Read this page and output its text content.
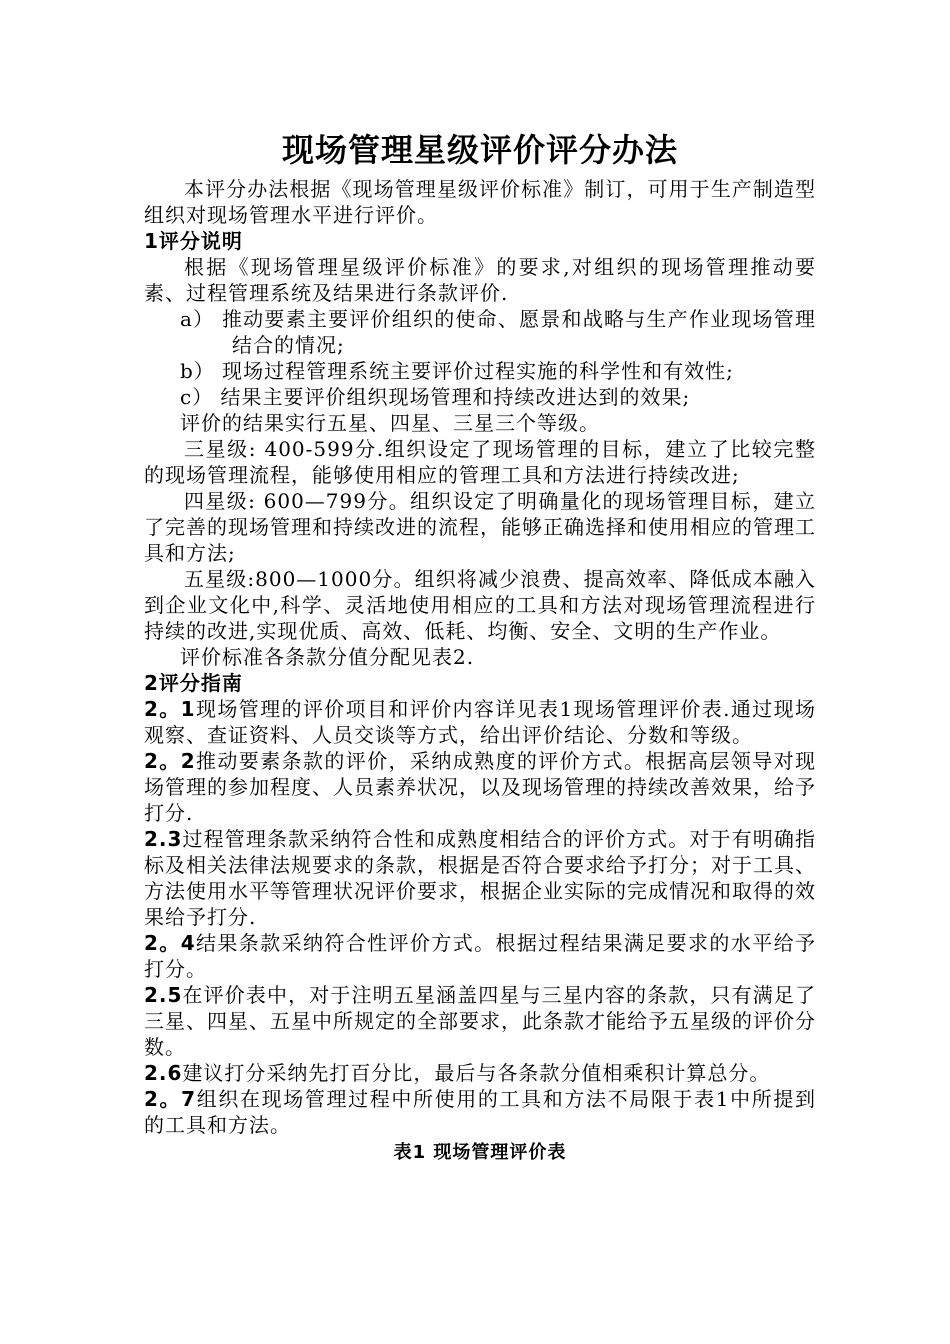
现场管理星级评价评分办法

本评分办法根据《现场管理星级评价标准》制订，可用于生产制造型组织对现场管理水平进行评价。

1评分说明

根据《现场管理星级评价标准》的要求,对组织的现场管理推动要素、过程管理系统及结果进行条款评价.

a） 推动要素主要评价组织的使命、愿景和战略与生产作业现场管理结合的情况;

b） 现场过程管理系统主要评价过程实施的科学性和有效性;

c） 结果主要评价组织现场管理和持续改进达到的效果;

评价的结果实行五星、四星、三星三个等级。

三星级: 400-599分.组织设定了现场管理的目标，建立了比较完整的现场管理流程，能够使用相应的管理工具和方法进行持续改进;

四星级: 600—799分。组织设定了明确量化的现场管理目标，建立了完善的现场管理和持续改进的流程，能够正确选择和使用相应的管理工具和方法;

五星级:800—1000分。组织将减少浪费、提高效率、降低成本融入到企业文化中,科学、灵活地使用相应的工具和方法对现场管理流程进行持续的改进,实现优质、高效、低耗、均衡、安全、文明的生产作业。

评价标准各条款分值分配见表2.

2评分指南

2。1现场管理的评价项目和评价内容详见表1现场管理评价表.通过现场观察、查证资料、人员交谈等方式，给出评价结论、分数和等级。

2。2推动要素条款的评价，采纳成熟度的评价方式。根据高层领导对现场管理的参加程度、人员素养状况，以及现场管理的持续改善效果，给予打分.

2.3过程管理条款采纳符合性和成熟度相结合的评价方式。对于有明确指标及相关法律法规要求的条款，根据是否符合要求给予打分；对于工具、方法使用水平等管理状况评价要求，根据企业实际的完成情况和取得的效果给予打分.

2。4结果条款采纳符合性评价方式。根据过程结果满足要求的水平给予打分。

2.5在评价表中，对于注明五星涵盖四星与三星内容的条款，只有满足了三星、四星、五星中所规定的全部要求，此条款才能给予五星级的评价分数。

2.6建议打分采纳先打百分比，最后与各条款分值相乘积计算总分。

2。7组织在现场管理过程中所使用的工具和方法不局限于表1中所提到的工具和方法。

表1 现场管理评价表
